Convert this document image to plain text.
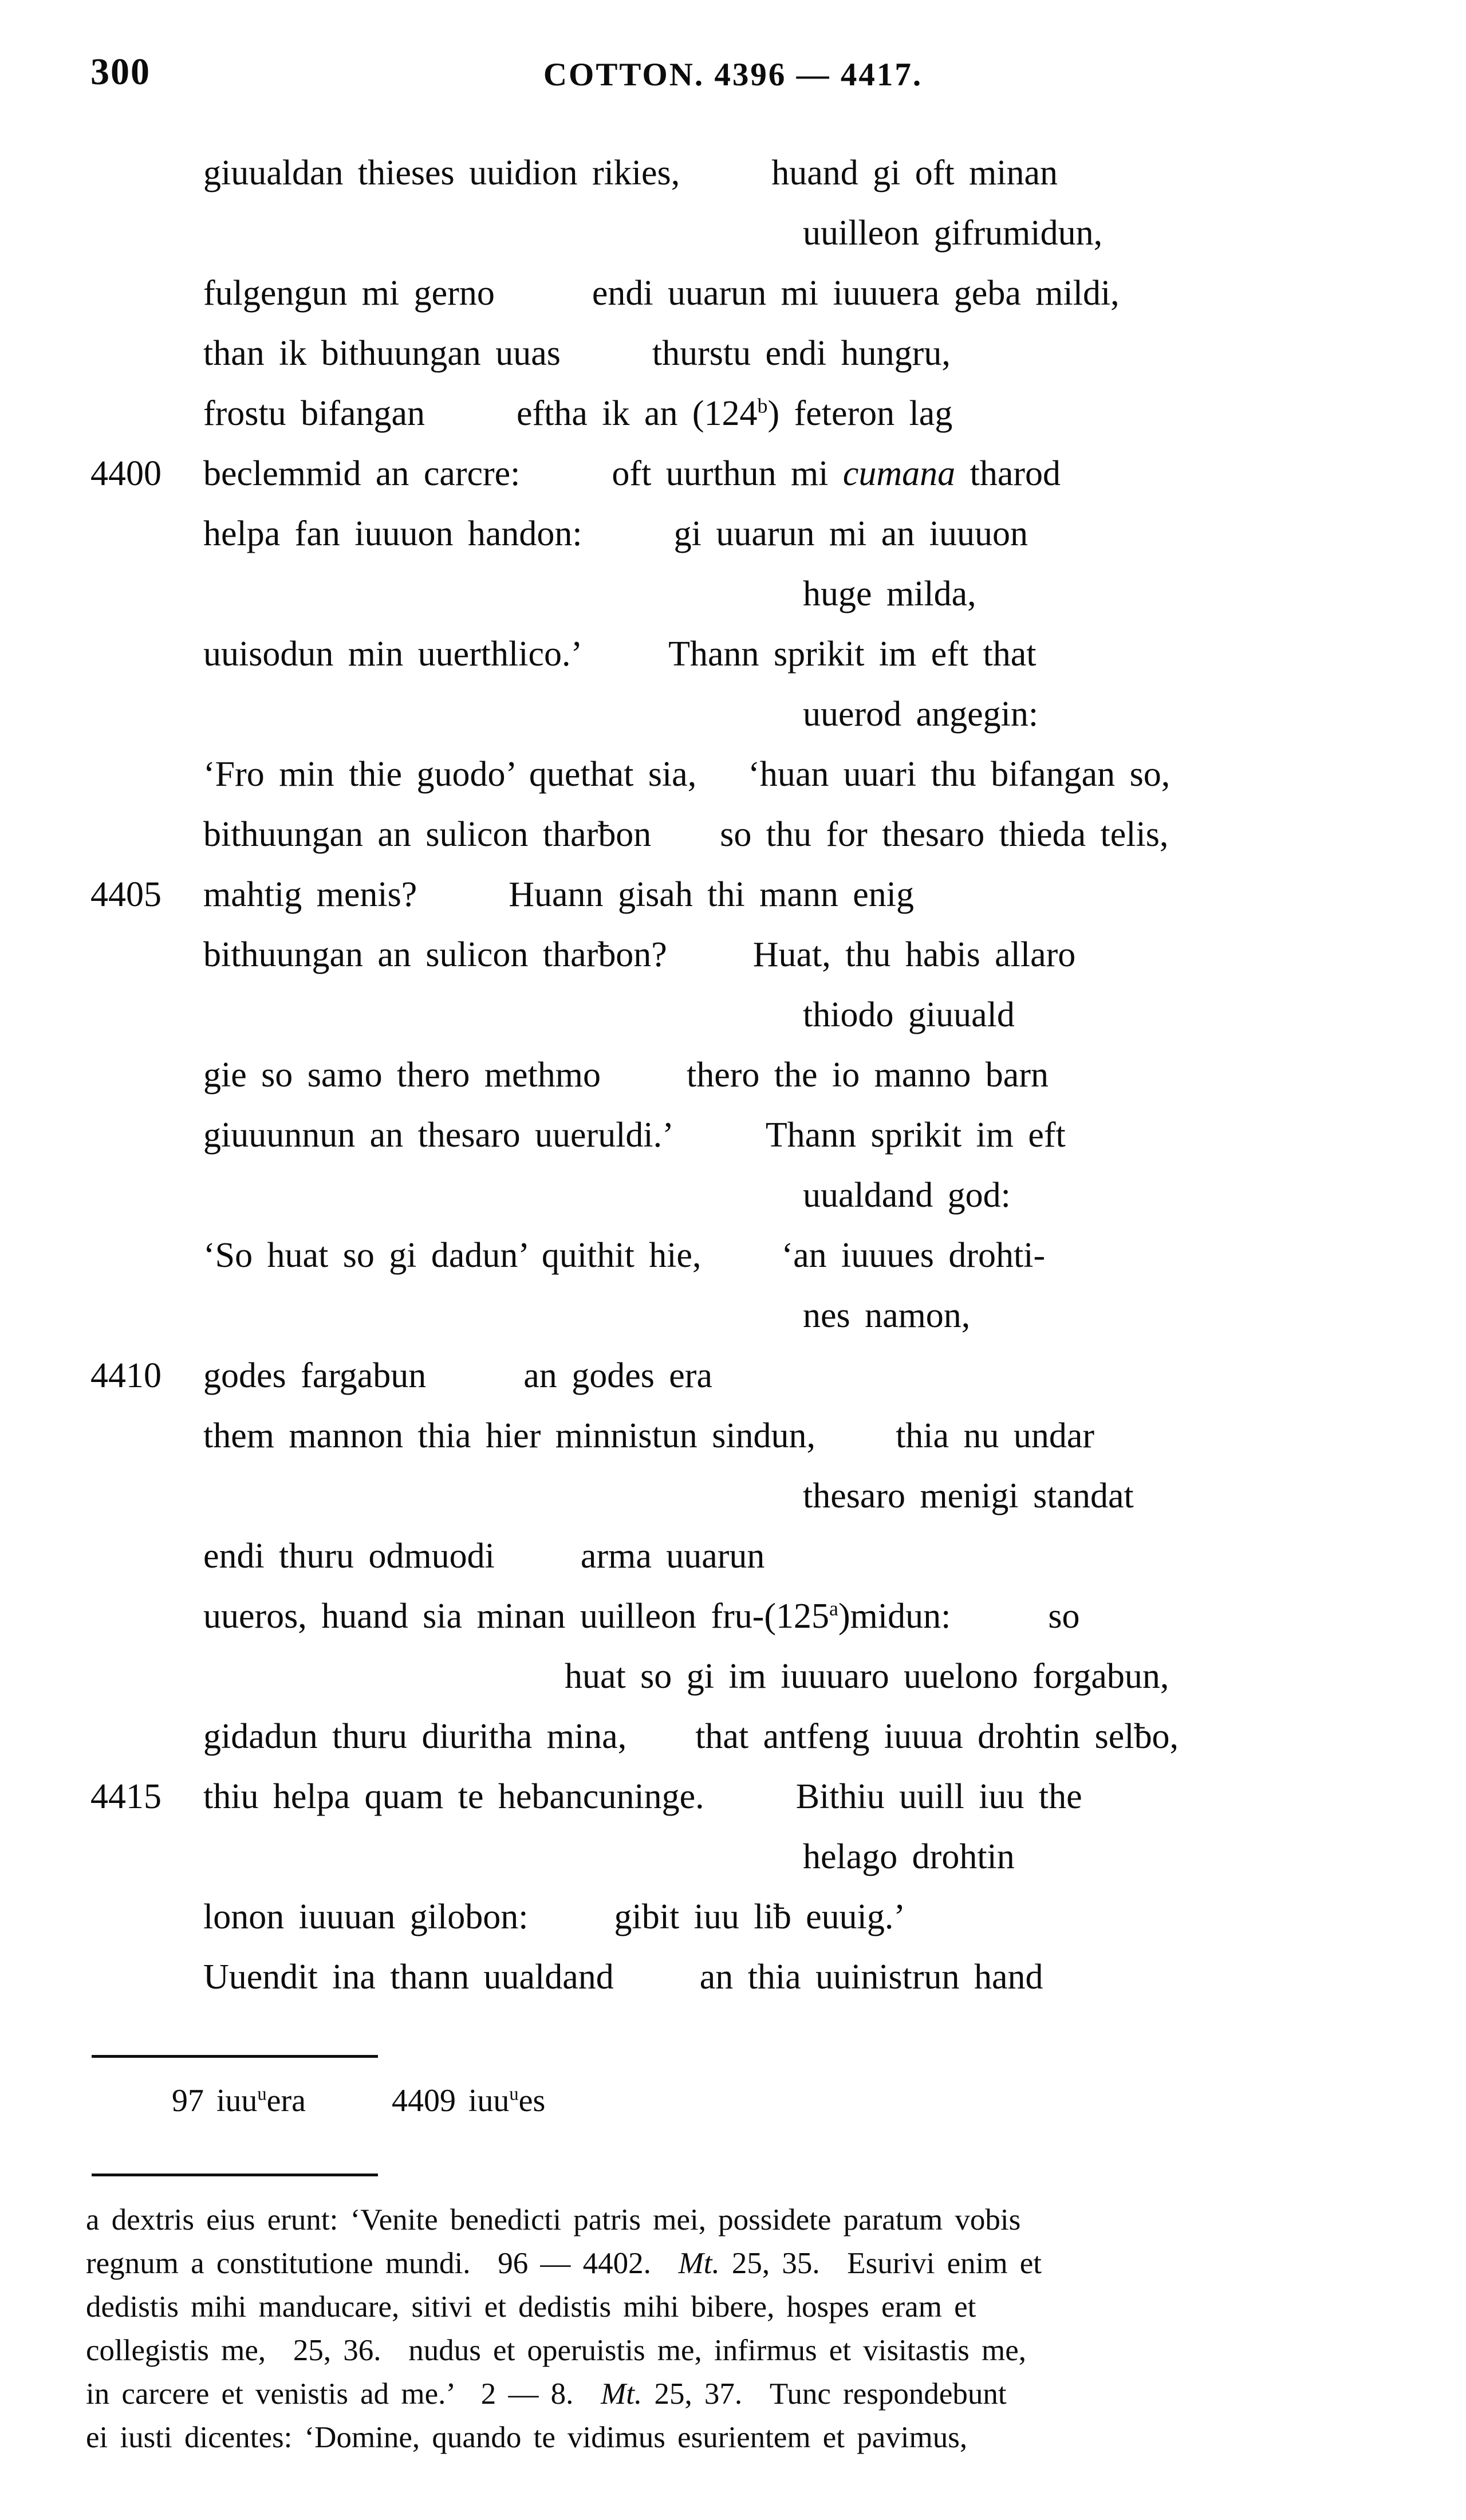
300	COTTON. 4396 — 4417.
giuualdan thieses uuidion rikies,	huand gi oft minan
uuilleon gifrumidun,
fulgengun mi gerno	endi uuarun mi iuuuera geba mildi,
than ik bithuungan uuas	thurstu endi hungru,
frostu bifangan	eftha ik an (124$^b$) feteron lag
4400 beclemmid an carcre:	oft uurthun mi cumana tharod
helpa fan iuuuon handon:	gi uuarun mi an iuuuon
huge milda,
uuisodun min uuerthlico.’ Thann sprikit im eft that
uuerod angegin:
‘Fro min thie guodo’ quethat sia, ‘huan uuari thu bifangan so,
bithuungan an sulicon tharƀon so thu for thesaro thieda telis,
4405 mahtig menis?	Huann gisah thi mann enig
bithuungan an sulicon tharƀon? Huat, thu habis allaro
thiodo giuuald
gie so samo thero methmo thero the io manno barn
giuuunnun an thesaro uueruldi.’	Thann sprikit im eft
uualdand god:
‘So huat so gi dadun’ quithit hie, ‘an iuuues drohti-
nes namon,
4410 godes fargabun	an godes era
them mannon thia hier minnistun sindun, thia nu undar
thesaro menigi standat
endi thuru odmuodi arma uuarun
uueros, huand sia minan uuilleon fru-(125$^a$)midun:	so
huat so gi im iuuuaro uuelono forgabun,
gidadun thuru diuritha mina, that antfeng iuuua drohtin selƀo,
4415 thiu helpa quam te hebancuninge.	Bithiu uuill iuu the
helago drohtin
lonon iuuuan gilobon: gibit iuu liƀ euuig.’
Uuendit ina thann uualdand an thia uuinistrun hand
97 iuu$^u$era	4409 iuu$^u$es
a dextris eius erunt: ‘Venite benedicti patris mei, possidete paratum vobis
regnum a constitutione mundi.  96 — 4402.  Mt. 25, 35.  Esurivi enim et
dedistis mihi manducare, sitivi et dedistis mihi bibere, hospes eram et
collegistis me,  25, 36.  nudus et operuistis me, infirmus et visitastis me,
in carcere et venistis ad me.’  2 — 8.  Mt. 25, 37.  Tunc respondebunt
ei iusti dicentes: ‘Domine, quando te vidimus esurientem et pavimus,
